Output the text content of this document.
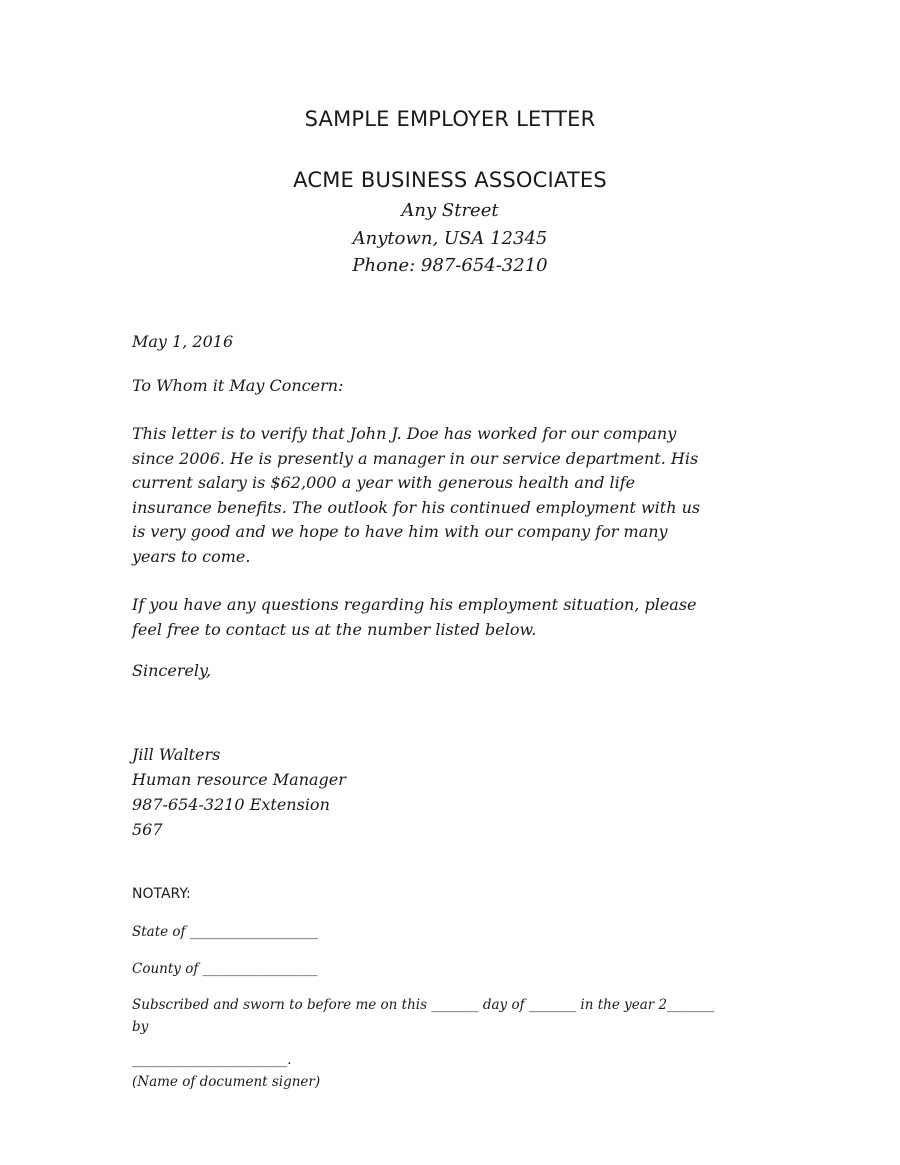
SAMPLE EMPLOYER LETTER
ACME BUSINESS ASSOCIATES
Any Street
Anytown, USA 12345
Phone: 987-654-3210
May 1, 2016
To Whom it May Concern:
This letter is to verify that John J. Doe has worked for our company
since 2006. He is presently a manager in our service department. His
current salary is $62,000 a year with generous health and life
insurance benefits. The outlook for his continued employment with us
is very good and we hope to have him with our company for many
years to come.
If you have any questions regarding his employment situation, please
feel free to contact us at the number listed below.
Sincerely,
Jill Walters
Human resource Manager
987-654-3210 Extension
567
NOTARY:
State of ___________________
County of _________________
Subscribed and sworn to before me on this _______ day of _______ in the year 2_______
by
_______________________.
(Name of document signer)
